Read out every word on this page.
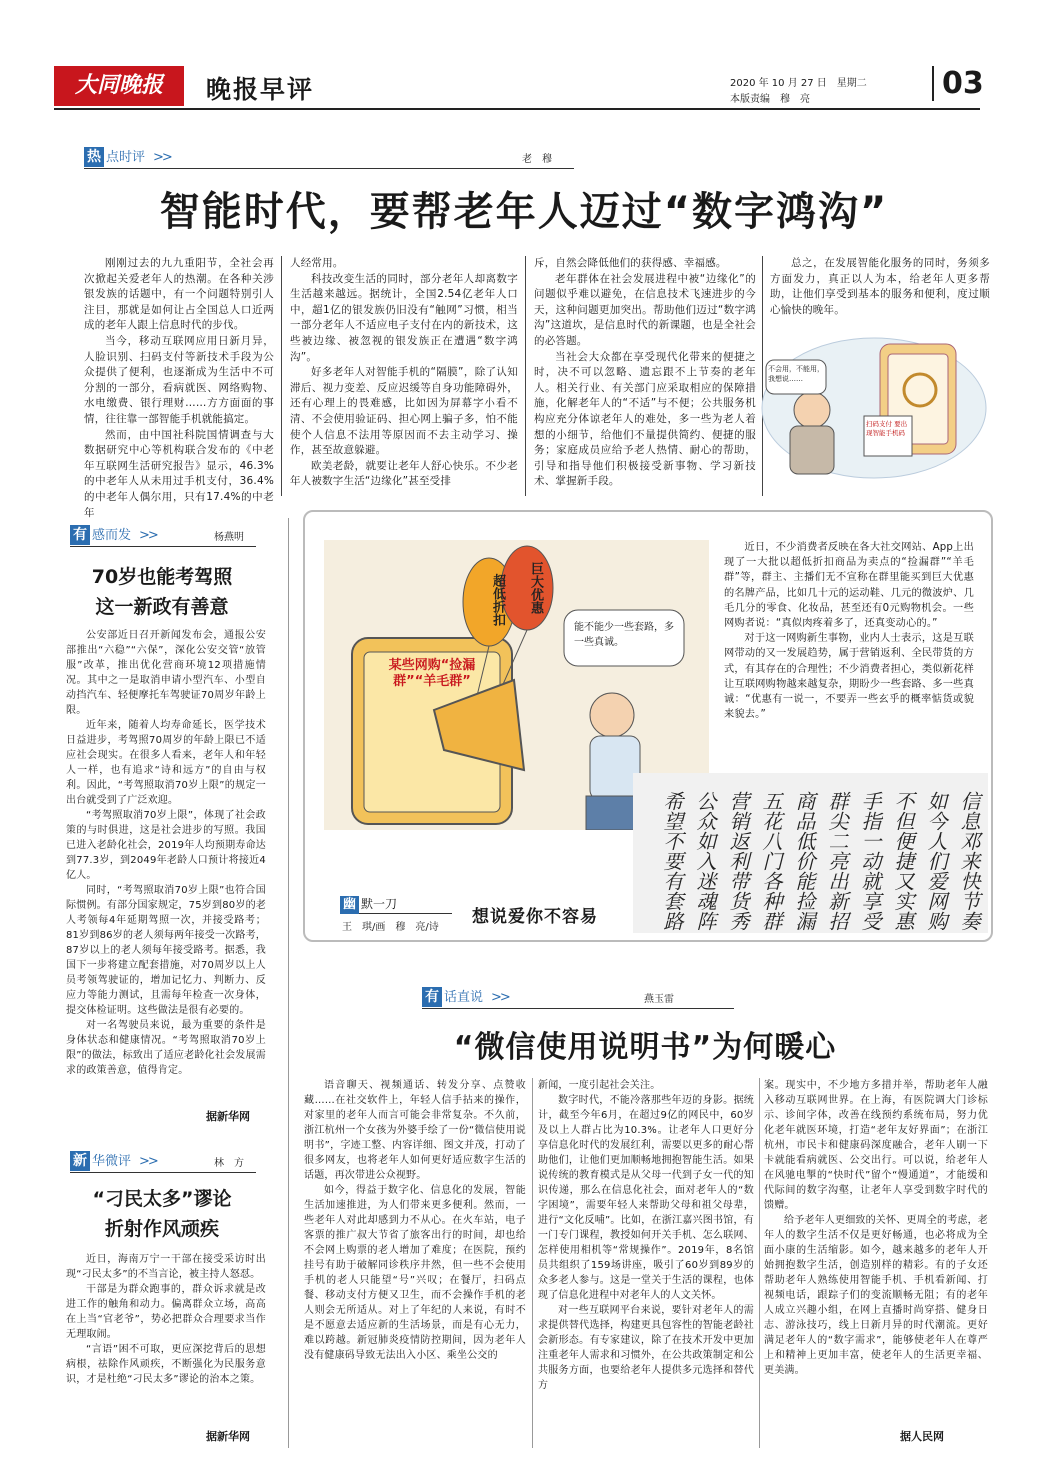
大同晚报	晚报早评	2020 年 10 月 27 日　星期二
本版责编　穆　亮	03
热 点时评 >>	老　穆
智能时代，要帮老年人迈过“数字鸿沟”

刚刚过去的九九重阳节，全社会再次掀起关爱老年人的热潮。在各种关涉银发族的话题中，有一个问题特别引人注目，那就是如何让占全国总人口近两成的老年人跟上信息时代的步伐。

当今，移动互联网应用日新月异，人脸识别、扫码支付等新技术手段为公众提供了便利，也逐渐成为生活中不可分割的一部分，看病就医、网络购物、水电缴费、银行理财……方方面面的事情，往往靠一部智能手机就能搞定。

然而，由中国社科院国情调查与大数据研究中心等机构联合发布的《中老年互联网生活研究报告》显示，46.3%的中老年人从未用过手机支付，36.4%的中老年人偶尔用，只有17.4%的中老年

人经常用。

科技改变生活的同时，部分老年人却离数字生活越来越远。据统计，全国2.54亿老年人口中，超1亿的银发族仍旧没有“触网”习惯，相当一部分老年人不适应电子支付在内的新技术，这些被边缘、被忽视的银发族正在遭遇“数字鸿沟”。

好多老年人对智能手机的“隔膜”，除了认知滞后、视力变差、反应迟缓等自身功能障碍外，还有心理上的畏难感，比如因为屏幕字小看不清、不会使用验证码、担心网上骗子多，怕不能使个人信息不法用等原因而不去主动学习、操作，甚至故意躲避。

欧美老龄，就要让老年人舒心快乐。不少老年人被数字生活“边缘化”甚至受排

斥，自然会降低他们的获得感、幸福感。

老年群体在社会发展进程中被“边缘化”的问题似乎难以避免，在信息技术飞速进步的今天，这种问题更加突出。帮助他们迈过“数字鸿沟”这道坎，是信息时代的新课题，也是全社会的必答题。

当社会大众都在享受现代化带来的便捷之时，决不可以忽略、遗忘跟不上节奏的老年人。相关行业、有关部门应采取相应的保障措施，化解老年人的“不适”与不便；公共服务机构应充分体谅老年人的难处，多一些为老人着想的小细节，给他们不量提供简约、便捷的服务；家庭成员应给予老人热情、耐心的帮助，引导和指导他们积极接受新事物、学习新技术、掌握新手段。

总之，在发展智能化服务的同时，务须多方面发力，真正以人为本，给老年人更多帮助，让他们享受到基本的服务和便利，度过顺心愉快的晚年。

不会用，不能用，我想说……
扫码支付 要出现智能手机码
有 感而发 >>	杨燕明
70岁也能考驾照
这一新政有善意

公安部近日召开新闻发布会，通报公安部推出“六稳”“六保”，深化公安交管“放管服”改革，推出优化营商环境12项措施情况。其中之一是取消申请小型汽车、小型自动挡汽车、轻便摩托车驾驶证70周岁年龄上限。

近年来，随着人均寿命延长，医学技术日益进步，考驾照70周岁的年龄上限已不适应社会现实。在很多人看来，老年人和年轻人一样，也有追求“诗和远方”的自由与权利。因此，“考驾照取消70岁上限”的规定一出台就受到了广泛欢迎。

“考驾照取消70岁上限”，体现了社会政策的与时俱进，这是社会进步的写照。我国已进入老龄化社会，2019年人均预期寿命达到77.3岁，到2049年老龄人口预计将接近4亿人。

同时，“考驾照取消70岁上限”也符合国际惯例。有部分国家规定，75岁到80岁的老人考领每4年延期驾照一次，并接受路考；81岁到86岁的老人须每两年接受一次路考，87岁以上的老人须每年接受路考。据悉，我国下一步将建立配套措施，对70周岁以上人员考领驾驶证的，增加记忆力、判断力、反应力等能力测试，且需每年检查一次身体，提交体检证明。这些做法是很有必要的。

对一名驾驶员来说，最为重要的条件是身体状态和健康情况。“考驾照取消70岁上限”的做法，标致出了适应老龄化社会发展需求的政策善意，值得肯定。

据新华网
新 华微评 >>	林　方
“刁民太多”谬论
折射作风顽疾

近日，海南万宁一干部在接受采访时出现“刁民太多”的不当言论，被主持人怒怼。

干部是为群众跑事的，群众诉求就是改进工作的触角和动力。偏离群众立场，高高在上当“官老爷”，势必把群众合理要求当作无理取闹。

“言语”困不可取，更应深挖背后的思想病根，祛除作风顽疾，不断强化为民服务意识，才是杜绝“刁民太多”谬论的治本之策。

据新华网
某些网购“捡漏群”“羊毛群”
超低折扣	巨大优惠
能不能少一些套路，多一些真诚。

近日，不少消费者反映在各大社交网站、App上出现了一大批以超低折扣商品为卖点的“捡漏群”“羊毛群”等，群主、主播们无不宣称在群里能买到巨大优惠的名牌产品，比如几十元的运动鞋、几元的微波炉、几毛几分的零食、化妆品，甚至还有0元购物机会。一些网购者说：“真似肉疼着多了，还真变动心的。”

对于这一网购新生事物，业内人士表示，这是互联网带动的又一发展趋势，属于营销返利、全民带货的方式，有其存在的合理性；不少消费者担心，类似新花样让互联网购物越来越复杂，期盼少一些套路、多一些真诚：“优惠有一说一，不要弄一些玄乎的概率惦货或貌来貌去。”

信息邓来快节奏
如今人们爱网购
不但便捷又实惠
手指一动就享受
群尖二亮出新招
商品低价能捡漏
五花八门各种群
营销返利带货秀
公众如入迷魂阵
希望不要有套路
幽 默一刀
王　琪/画　穆　亮/诗
想说爱你不容易
有 话直说 >>	燕玉雷
“微信使用说明书”为何暖心

语音聊天、视频通话、转发分享、点赞收藏……在社交软件上，年轻人信手拈来的操作，对家里的老年人而言可能会非常复杂。不久前，浙江杭州一个女孩为外婆手绘了一份“微信使用说明书”，字迹工整、内容详细、图文并茂，打动了很多网友，也将老年人如何更好适应数字生活的话题，再次带进公众视野。

如今，得益于数字化、信息化的发展，智能生活加速推进，为人们带来更多便利。然而，一些老年人对此却感到力不从心。在火车站，电子客票的推广叔大节省了旅客出行的时间，却也给不会网上购票的老人增加了难度；在医院，预约挂号有助于破解同诊秩序井然，但一些不会使用手机的老人只能望“号”兴叹；在餐厅，扫码点餐、移动支付方便又卫生，而不会操作手机的老人则会无所适从。对上了年纪的人来说，有时不是不愿意去适应新的生活场景，而是有心无力，难以跨越。新冠肺炎疫情防控期间，因为老年人没有健康码导致无法出入小区、乘坐公交的

新闻，一度引起社会关注。

数字时代，不能冷落那些年迈的身影。据统计，截至今年6月，在超过9亿的网民中，60岁及以上人群占比为10.3%。让老年人口更好分享信息化时代的发展红利，需要以更多的耐心帮助他们，让他们更加顺畅地拥抱智能生活。如果说传统的教育模式是从父母一代到子女一代的知识传递，那么在信息化社会，面对老年人的“数字困境”，需要年轻人来帮助父母和祖父母辈，进行“文化反哺”。比如，在浙江嘉兴图书馆，有一门专门课程，教授如何开关手机、怎么联网、怎样使用相机等“常规操作”。2019年，8名馆员共组织了159场讲座，吸引了60岁到89岁的众多老人参与。这是一堂关于生活的课程，也体现了信息化进程中对老年人的人文关怀。

对一些互联网平台来说，要针对老年人的需求提供替代选择，构建更具包容性的智能老龄社会新形态。有专家建议，除了在技术开发中更加注重老年人需求和习惯外，在公共政策制定和公共服务方面，也要给老年人提供多元选择和替代方

案。现实中，不少地方多措并举，帮助老年人融入移动互联网世界。在上海，有医院调大门诊标示、诊间字体，改善在线预约系统布局，努力优化老年就医环境，打造“老年友好界面”；在浙江杭州，市民卡和健康码深度融合，老年人刷一下卡就能看病就医、公交出行。可以说，给老年人在风驰电掣的“快时代”留个“慢通道”，才能缓和代际间的数字沟壑，让老年人享受到数字时代的馈赠。

给予老年人更细致的关怀、更周全的考虑，老年人的数字生活不仅是更好畅通，也必将成为全面小康的生活缩影。如今，越来越多的老年人开始拥抱数字生活，创造别样的精彩。有的子女还帮助老年人熟练使用智能手机、手机看新闻、打视频电话，跟踪子们的变流顺畅无阻；有的老年人成立兴趣小组，在网上直播时尚穿搭、健身日志、游泳技巧，线上日新月异的时代潮流。更好满足老年人的“数字需求”，能够使老年人在尊严上和精神上更加丰富，使老年人的生活更幸福、更美满。

据人民网
